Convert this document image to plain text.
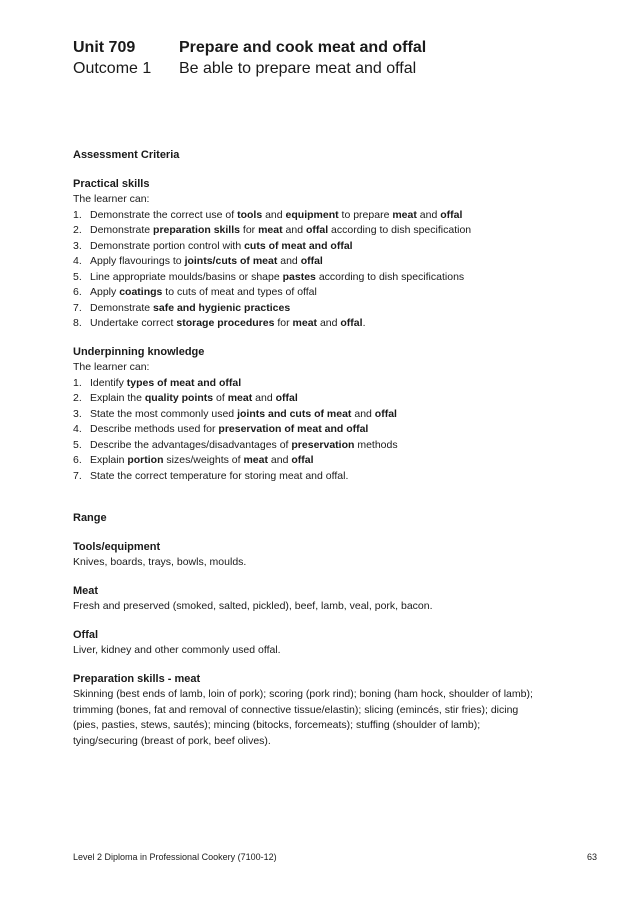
Unit 709	Prepare and cook meat and offal
Outcome 1 Be able to prepare meat and offal
Assessment Criteria
Practical skills
The learner can:
1. Demonstrate the correct use of tools and equipment to prepare meat and offal
2. Demonstrate preparation skills for meat and offal according to dish specification
3. Demonstrate portion control with cuts of meat and offal
4. Apply flavourings to joints/cuts of meat and offal
5. Line appropriate moulds/basins or shape pastes according to dish specifications
6. Apply coatings to cuts of meat and types of offal
7. Demonstrate safe and hygienic practices
8. Undertake correct storage procedures for meat and offal.
Underpinning knowledge
The learner can:
1. Identify types of meat and offal
2. Explain the quality points of meat and offal
3. State the most commonly used joints and cuts of meat and offal
4. Describe methods used for preservation of meat and offal
5. Describe the advantages/disadvantages of preservation methods
6. Explain portion sizes/weights of meat and offal
7. State the correct temperature for storing meat and offal.
Range
Tools/equipment
Knives, boards, trays, bowls, moulds.
Meat
Fresh and preserved (smoked, salted, pickled), beef, lamb, veal, pork, bacon.
Offal
Liver, kidney and other commonly used offal.
Preparation skills - meat
Skinning (best ends of lamb, loin of pork); scoring (pork rind); boning (ham hock, shoulder of lamb);
trimming (bones, fat and removal of connective tissue/elastin); slicing (emincés, stir fries); dicing
(pies, pasties, stews, sautés); mincing (bitocks, forcemeats); stuffing (shoulder of lamb);
tying/securing (breast of pork, beef olives).
Level 2 Diploma in Professional Cookery (7100-12)	63
